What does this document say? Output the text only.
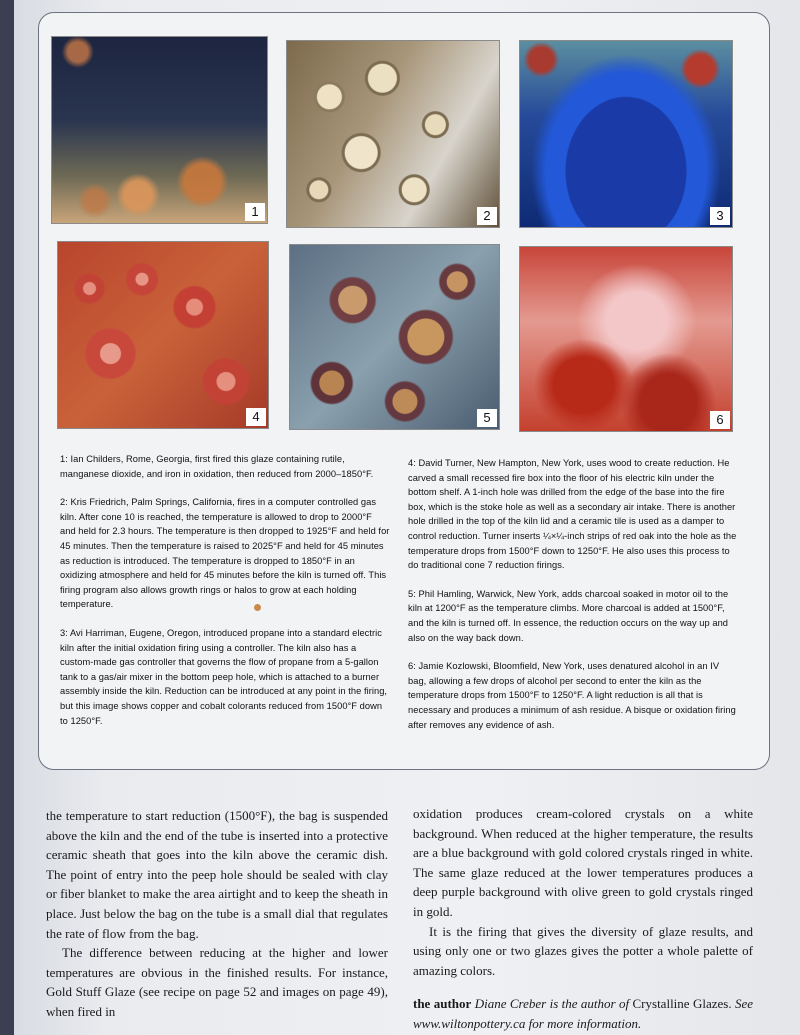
1	2	3
4	5	6

1: Ian Childers, Rome, Georgia, first fired this glaze containing rutile, manganese dioxide, and iron in oxidation, then reduced from 2000–1850°F.

2: Kris Friedrich, Palm Springs, California, fires in a computer controlled gas kiln. After cone 10 is reached, the temperature is allowed to drop to 2000°F and held for 2.3 hours. The temperature is then dropped to 1925°F and held for 45 minutes. Then the temperature is raised to 2025°F and held for 45 minutes as reduction is introduced. The temperature is dropped to 1850°F in an oxidizing atmosphere and held for 45 minutes before the kiln is turned off. This firing program also allows growth rings or halos to grow at each holding temperature.

3: Avi Harriman, Eugene, Oregon, introduced propane into a standard electric kiln after the initial oxidation firing using a controller. The kiln also has a custom-made gas controller that governs the flow of propane from a 5-gallon tank to a gas/air mixer in the bottom peep hole, which is attached to a burner assembly inside the kiln. Reduction can be introduced at any point in the firing, but this image shows copper and cobalt colorants reduced from 1500°F down to 1250°F.

4: David Turner, New Hampton, New York, uses wood to create reduction. He carved a small recessed fire box into the floor of his electric kiln under the bottom shelf. A 1-inch hole was drilled from the edge of the base into the fire box, which is the stoke hole as well as a secondary air intake. There is another hole drilled in the top of the kiln lid and a ceramic tile is used as a damper to control reduction. Turner inserts ¼×¼-inch strips of red oak into the hole as the temperature drops from 1500°F down to 1250°F. He also uses this process to do traditional cone 7 reduction firings.

5: Phil Hamling, Warwick, New York, adds charcoal soaked in motor oil to the kiln at 1200°F as the temperature climbs. More charcoal is added at 1500°F, and the kiln is turned off. In essence, the reduction occurs on the way up and also on the way back down.

6: Jamie Kozlowski, Bloomfield, New York, uses denatured alcohol in an IV bag, allowing a few drops of alcohol per second to enter the kiln as the temperature drops from 1500°F to 1250°F. A light reduction is all that is necessary and produces a minimum of ash residue. A bisque or oxidation firing after removes any evidence of ash.

the temperature to start reduction (1500°F), the bag is suspended above the kiln and the end of the tube is inserted into a protective ceramic sheath that goes into the kiln above the ceramic dish. The point of entry into the peep hole should be sealed with clay or fiber blanket to make the area airtight and to keep the sheath in place. Just below the bag on the tube is a small dial that regulates the rate of flow from the bag.

The difference between reducing at the higher and lower temperatures are obvious in the finished results. For instance, Gold Stuff Glaze (see recipe on page 52 and images on page 49), when fired in

oxidation produces cream-colored crystals on a white background. When reduced at the higher temperature, the results are a blue background with gold colored crystals ringed in white. The same glaze reduced at the lower temperatures produces a deep purple background with olive green to gold crystals ringed in gold.

It is the firing that gives the diversity of glaze results, and using only one or two glazes gives the potter a whole palette of amazing colors.

the author Diane Creber is the author of Crystalline Glazes. See www.wiltonpottery.ca for more information.
